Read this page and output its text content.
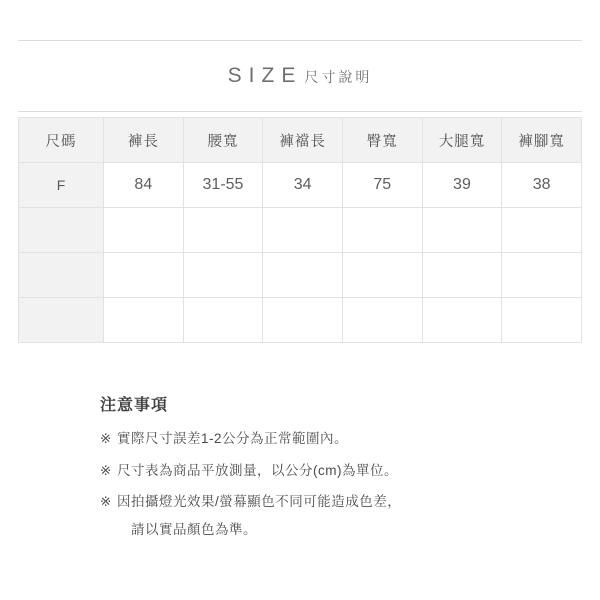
SIZE 尺寸說明
尺碼	褲長	腰寬	褲襠長	臀寬	大腿寬	褲腳寬
F	84	31-55	34	75	39	38

注意事項
※ 實際尺寸誤差1-2公分為正常範圍內。
※ 尺寸表為商品平放測量，以公分(cm)為單位。
※ 因拍攝燈光效果/螢幕顯色不同可能造成色差，
請以實品顏色為準。
